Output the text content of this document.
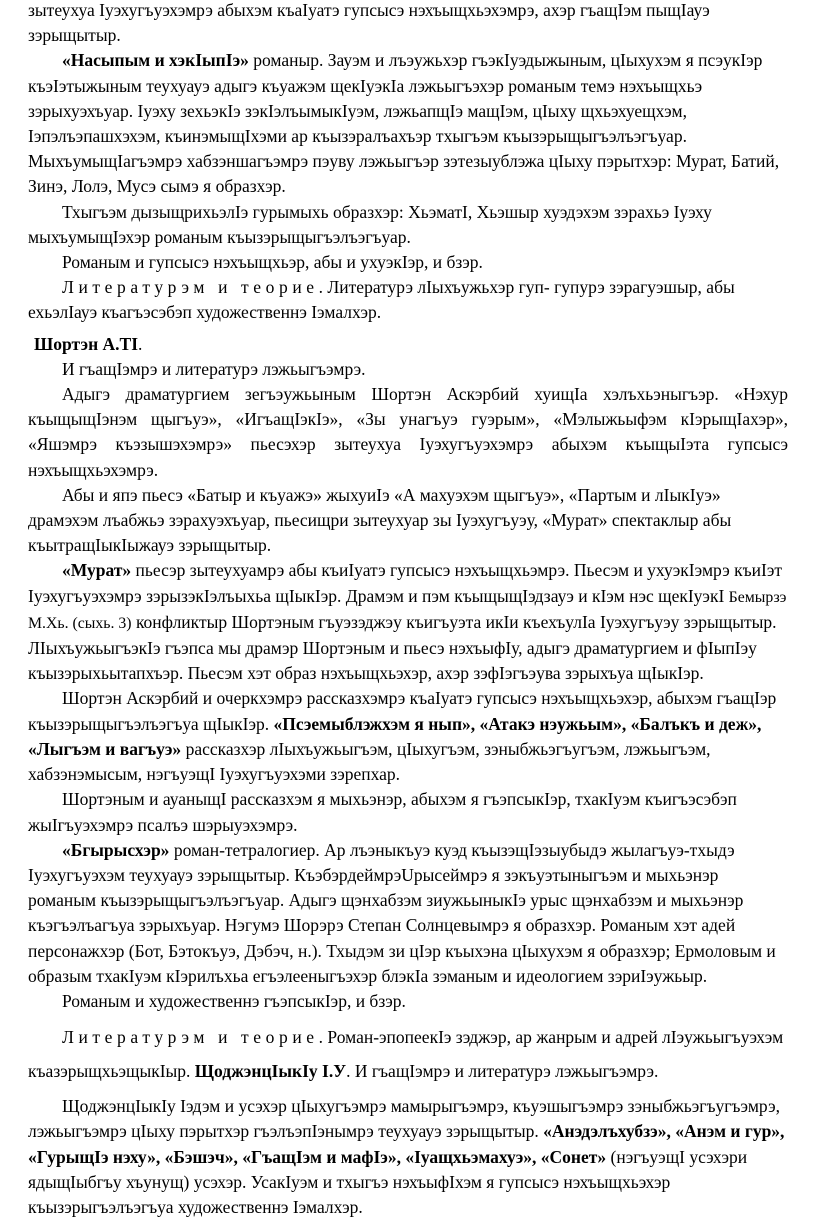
зытеухуа Iуэхугъуэхэмрэ абыхэм къаIуатэ гупсысэ нэхъыщхьэхэмрэ, ахэр гъащIэм пыщIауэ зэрыщытыр.

«Насыпым и хэкIыпIэ» романыр. Зауэм и лъэужьхэр гъэкIуэдыжыным, цIыхухэм я псэукIэр къэIэтыжыным теухуауэ адыгэ къуажэм щекIуэкIа лэжьыгъэхэр романым темэ нэхъыщхьэ зэрыхуэхъуар. Iуэху зехьэкIэ зэкIэлъымыкIуэм, лэжьапщIэ мащIэм, цIыху щхьэхуещхэм, Iэпэлъэпашхэхэм, къинэмыщIхэми ар къызэралъахъэр тхыгъэм къызэрыщыгъэлъэгъуар. МыхъумыщIагъэмрэ хабзэншагъэмрэ пэуву лэжьыгъэр зэтезыублэжа цIыху пэрытхэр: Мурат, Батий, Зинэ, Лолэ, Мусэ сымэ я образхэр.

Тхыгъэм дызыщрихьэлIэ гурымыхь образхэр: ХьэматI, Хьэшыр хуэдэхэм зэрахьэ Iуэху мыхъумыщIэхэр романым къызэрыщыгъэлъэгъуар.

Романым и гупсысэ нэхъыщхьэр, абы и ухуэкIэр, и бзэр.

Литературэм и теорие. Литературэ лIыхъужьхэр гуп- гупурэ зэрагуэшыр, абы ехьэлIауэ къагъэсэбэп художественнэ Iэмалхэр.

Шортэн А.ТI.

И гъащIэмрэ и литературэ лэжьыгъэмрэ.

Адыгэ драматургием зегъэужьыным Шортэн Аскэрбий хуищIа хэлъхьэныгъэр. «Нэхур къыщыщIэнэм щыгъуэ», «ИгъащIэкIэ», «Зы унагъуэ гуэрым», «Мэлыжьыфэм кIэрыщIахэр», «Яшэмрэ къэзышэхэмрэ» пьесэхэр зытеухуа Iуэхугъуэхэмрэ абыхэм къыщыIэта гупсысэ нэхъыщхьэхэмрэ.

Абы и япэ пьесэ «Батыр и къуажэ» жыхуиIэ «А махуэхэм щыгъуэ», «Партым и лIыкIуэ» драмэхэм лъабжьэ зэрахуэхъуар, пьесищри зытеухуар зы Iуэхугъуэу, «Мурат» спектаклыр абы къытращIыкIыжауэ зэрыщытыр.

«Мурат» пьесэр зытеухуамрэ абы къиIуатэ гупсысэ нэхъыщхьэмрэ. Пьесэм и ухуэкIэмрэ къиIэт Iуэхугъуэхэмрэ зэрызэкIэлъыхьа щIыкIэр. Драмэм и пэм къыщыщIэдзауэ и кIэм нэс щекIуэкI Бемырзэ М.Хь. (сыхь. 3) конфликтыр Шортэным гъуэзэджэу къигъуэта икIи къехъулIа Iуэхугъуэу зэрыщытыр. ЛIыхъужьыгъэкIэ гъэпса мы драмэр Шортэным и пьесэ нэхъыфIу, адыгэ драматургием и фIыпIэу къызэрыхьытапхъэр. Пьесэм хэт образ нэхъыщхьэхэр, ахэр зэфIэгъэува зэрыхъуа щIыкIэр.

Шортэн Аскэрбий и очеркхэмрэ рассказхэмрэ къаIуатэ гупсысэ нэхъыщхьэхэр, абыхэм гъащIэр къызэрыщыгъэлъэгъуа щIыкIэр. «Псэемыблэжхэм я нып», «Атакэ нэужьым», «Балъкъ и деж», «Лыгъэм и вагъуэ» рассказхэр лIыхъужьыгъэм, цIыхугъэм, зэныбжьэгъугъэм, лэжьыгъэм, хабзэнэмысым, нэгъуэщI Iуэхугъуэхэми зэрепхар.

Шортэным и ауаныщI рассказхэм я мыхьэнэр, абыхэм я гъэпсыкIэр, тхакIуэм къигъэсэбэп жыIгъуэхэмрэ псалъэ шэрыуэхэмрэ.

«Бгырысхэр» роман-тетралогиер. Ар лъэныкъуэ куэд къызэщIэзыубыдэ жылагъуэ-тхыдэ Iуэхугъуэхэм теухуауэ зэрыщытыр. КъэбэрдеймрэUрысеймрэ я зэкъуэтыныгъэм и мыхьэнэр романым къызэрыщыгъэлъэгъуар. Адыгэ щэнхабзэм зиужьыныкIэ урыс щэнхабзэм и мыхьэнэр къэгъэлъагъуа зэрыхъуар. Нэгумэ Шорэрэ Степан Солнцевымрэ я образхэр. Романым хэт адей персонажхэр (Бот, Бэтокъуэ, Дэбэч, н.). Тхыдэм зи цIэр къыхэна цIыхухэм я образхэр; Ермоловым и образым тхакIуэм кIэрилъхьа егъэлееныгъэхэр блэкIа зэманым и идеологием зэриIэужьыр.

Романым и художественнэ гъэпсыкIэр, и бзэр.

Литературэм и теорие. Роман-эпопеекIэ зэджэр, ар жанрым и адрей лIэужьыгъуэхэм къазэрыщхьэщыкIыр. ЩоджэнцIыкIу I.У. И гъащIэмрэ и литературэ лэжьыгъэмрэ.

ЩоджэнцIыкIу Iэдэм и усэхэр цIыхугъэмрэ мамырыгъэмрэ, къуэшыгъэмрэ зэныбжьэгъугъэмрэ, лэжьыгъэмрэ цIыху пэрытхэр гъэлъэпIэнымрэ теухуауэ зэрыщытыр. «Анэдэлъхубзэ», «Анэм и гур», «ГурыщIэ нэху», «Бэшэч», «ГъащIэм и мафIэ», «Iуащхьэмахуэ», «Сонет» (нэгъуэщI усэхэри ядыщIыбгъу хъунущ) усэхэр. УсакIуэм и тхыгъэ нэхъыфIхэм я гупсысэ нэхъыщхьэхэр къызэрыгъэлъэгъуа художественнэ Iэмалхэр.
